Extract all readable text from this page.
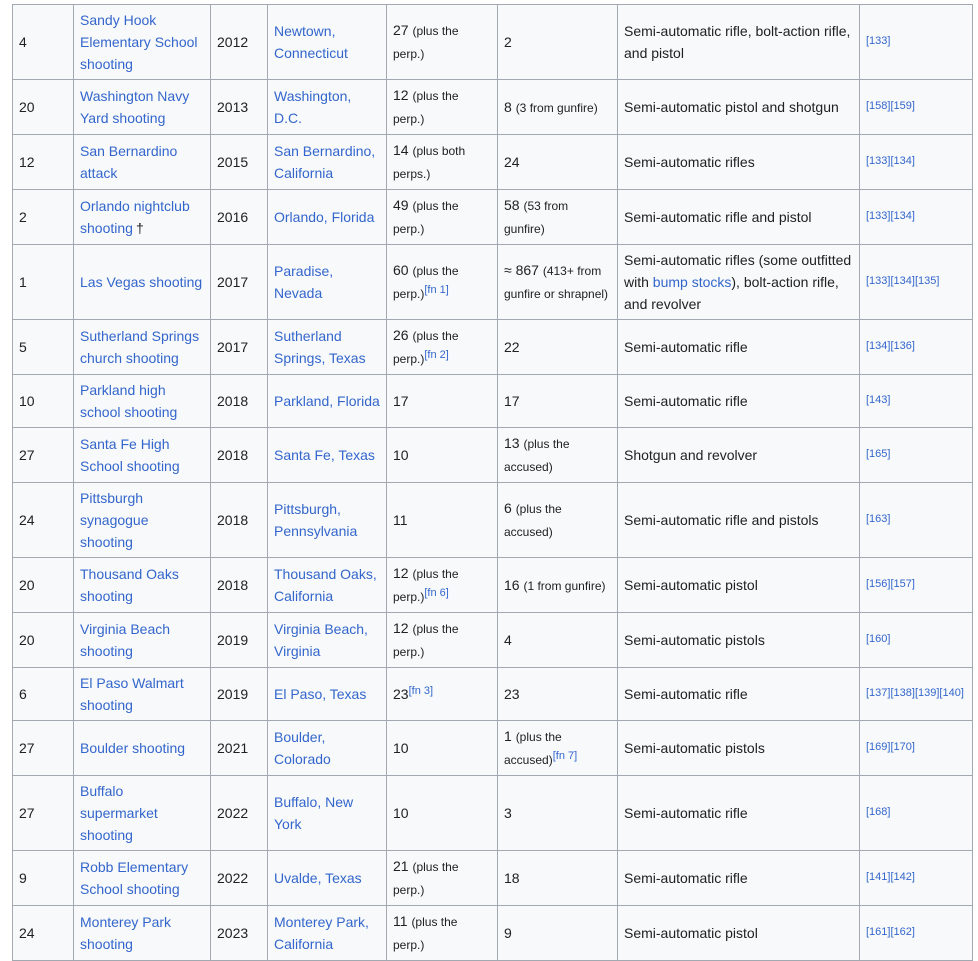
4	Sandy Hook Elementary School shooting	2012	Newtown, Connecticut	27 (plus the perp.)	2	Semi-automatic rifle, bolt-action rifle, and pistol	[133]
20	Washington Navy Yard shooting	2013	Washington, D.C.	12 (plus the perp.)	8 (3 from gunfire)	Semi-automatic pistol and shotgun	[158][159]
12	San Bernardino attack	2015	San Bernardino, California	14 (plus both perps.)	24	Semi-automatic rifles	[133][134]
2	Orlando nightclub shooting †	2016	Orlando, Florida	49 (plus the perp.)	58 (53 from gunfire)	Semi-automatic rifle and pistol	[133][134]
1	Las Vegas shooting	2017	Paradise, Nevada	60 (plus the perp.)[fn 1]	≈ 867 (413+ from gunfire or shrapnel)	Semi-automatic rifles (some outfitted with bump stocks), bolt-action rifle, and revolver	[133][134][135]
5	Sutherland Springs church shooting	2017	Sutherland Springs, Texas	26 (plus the perp.)[fn 2]	22	Semi-automatic rifle	[134][136]
10	Parkland high school shooting	2018	Parkland, Florida	17	17	Semi-automatic rifle	[143]
27	Santa Fe High School shooting	2018	Santa Fe, Texas	10	13 (plus the accused)	Shotgun and revolver	[165]
24	Pittsburgh synagogue shooting	2018	Pittsburgh, Pennsylvania	11	6 (plus the accused)	Semi-automatic rifle and pistols	[163]
20	Thousand Oaks shooting	2018	Thousand Oaks, California	12 (plus the perp.)[fn 6]	16 (1 from gunfire)	Semi-automatic pistol	[156][157]
20	Virginia Beach shooting	2019	Virginia Beach, Virginia	12 (plus the perp.)	4	Semi-automatic pistols	[160]
6	El Paso Walmart shooting	2019	El Paso, Texas	23[fn 3]	23	Semi-automatic rifle	[137][138][139][140]
27	Boulder shooting	2021	Boulder, Colorado	10	1 (plus the accused)[fn 7]	Semi-automatic pistols	[169][170]
27	Buffalo supermarket shooting	2022	Buffalo, New York	10	3	Semi-automatic rifle	[168]
9	Robb Elementary School shooting	2022	Uvalde, Texas	21 (plus the perp.)	18	Semi-automatic rifle	[141][142]
24	Monterey Park shooting	2023	Monterey Park, California	11 (plus the perp.)	9	Semi-automatic pistol	[161][162]
